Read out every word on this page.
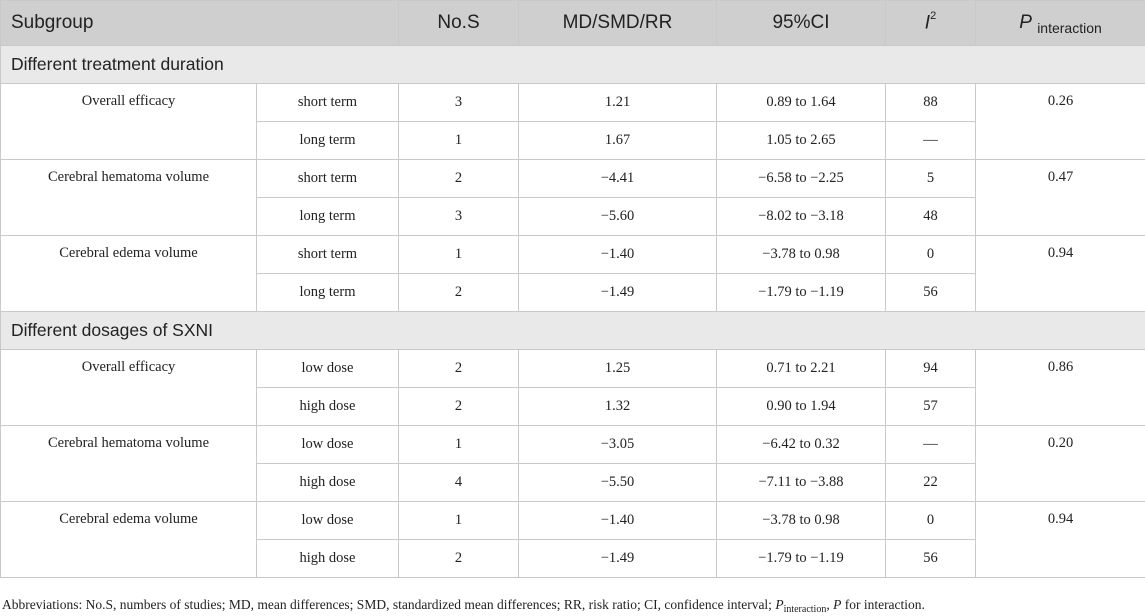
Subgroup		No.S	MD/SMD/RR	95%CI	$I^2$	P $_{interaction}$
Different treatment duration						
Overall efficacy	short term	3	1.21	0.89 to 1.64	88	0.26
	long term	1	1.67	1.05 to 2.65	—	
Cerebral hematoma volume	short term	2	−4.41	−6.58 to −2.25	5	0.47
	long term	3	−5.60	−8.02 to −3.18	48	
Cerebral edema volume	short term	1	−1.40	−3.78 to 0.98	0	0.94
	long term	2	−1.49	−1.79 to −1.19	56	
Different dosages of SXNI						
Overall efficacy	low dose	2	1.25	0.71 to 2.21	94	0.86
	high dose	2	1.32	0.90 to 1.94	57	
Cerebral hematoma volume	low dose	1	−3.05	−6.42 to 0.32	—	0.20
	high dose	4	−5.50	−7.11 to −3.88	22	
Cerebral edema volume	low dose	1	−1.40	−3.78 to 0.98	0	0.94
	high dose	2	−1.49	−1.79 to −1.19	56	
Abbreviations: No.S, numbers of studies; MD, mean differences; SMD, standardized mean differences; RR, risk ratio; CI, confidence interval; $P_{interaction}$, P for interaction.
